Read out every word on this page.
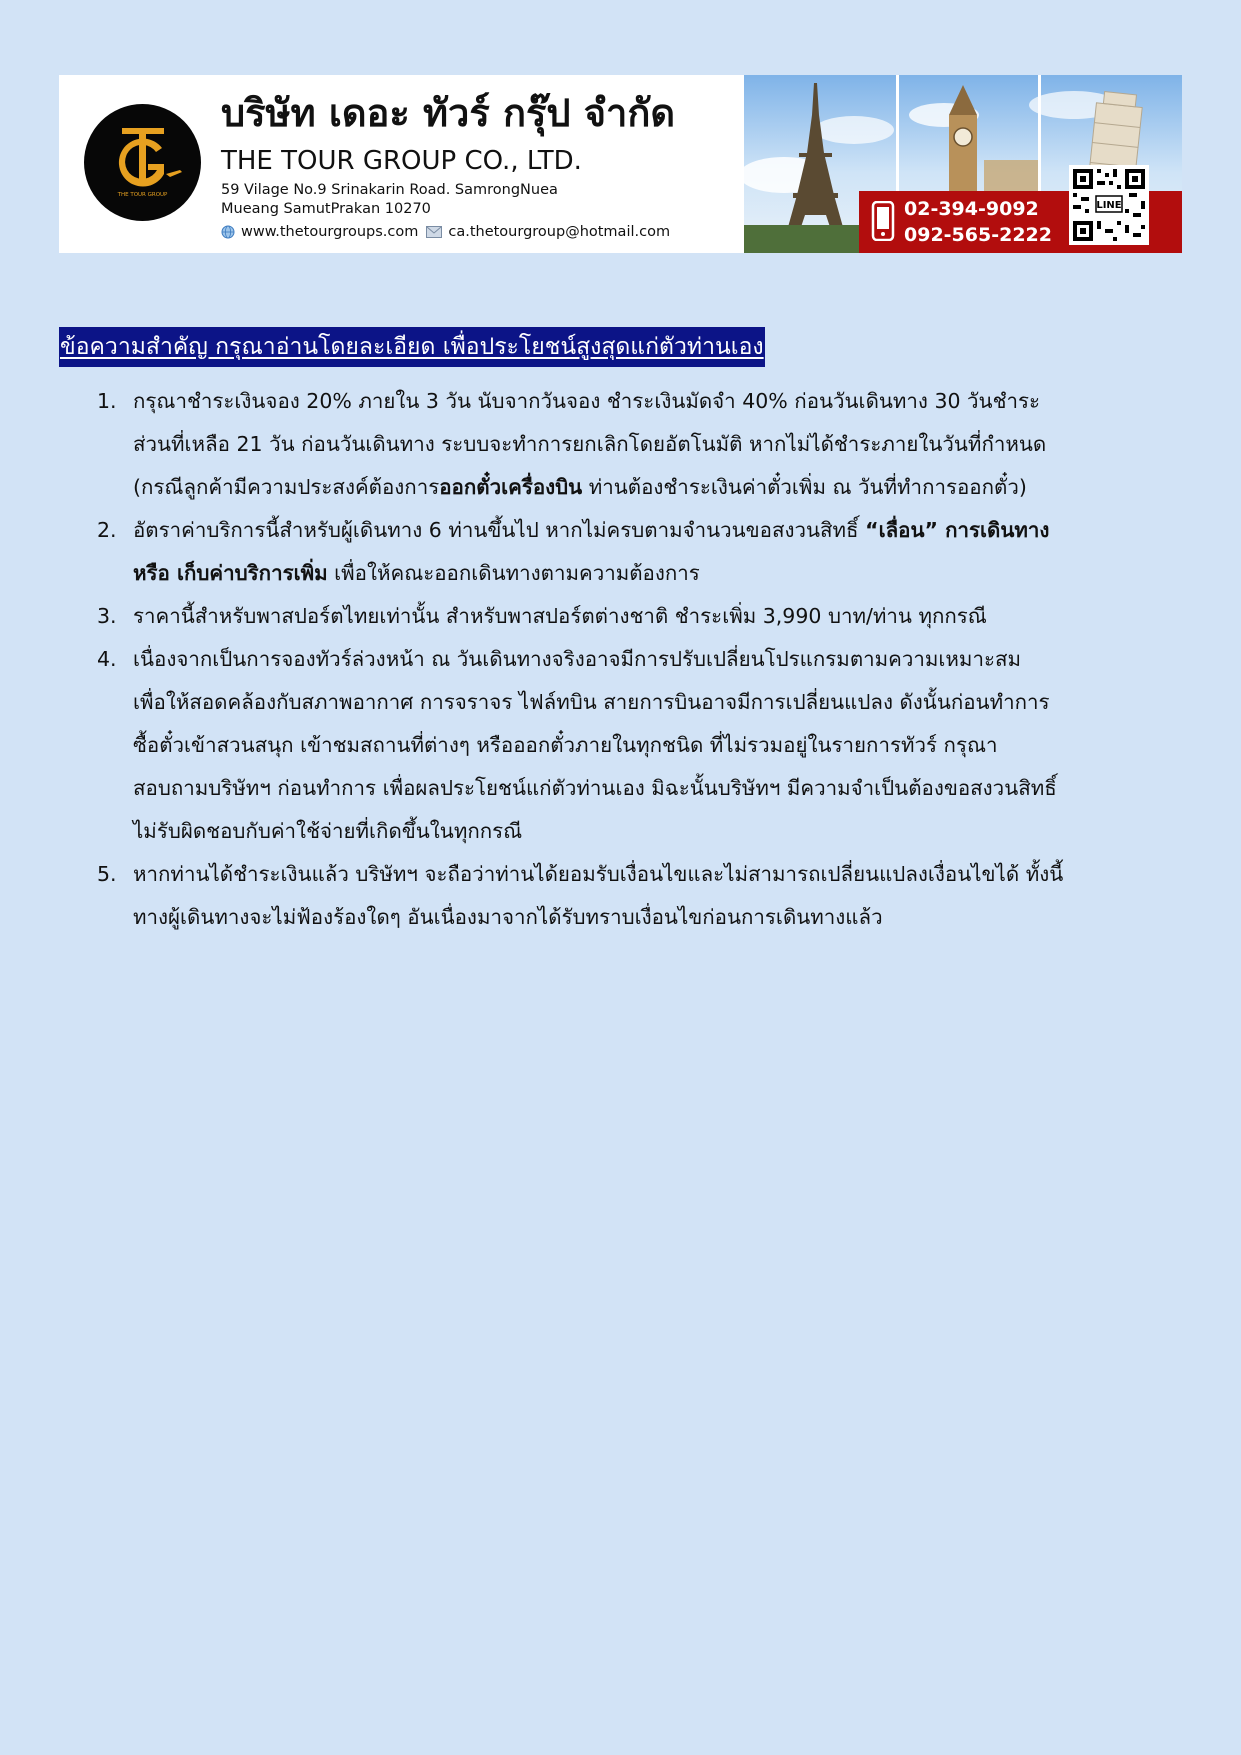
THE TOUR GROUP
บริษัท เดอะ ทัวร์ กรุ๊ป จำกัด
THE TOUR GROUP CO., LTD.
59 Vilage No.9 Srinakarin Road. SamrongNuea
Mueang SamutPrakan 10270
www.thetourgroups.com ca.thetourgroup@hotmail.com
02-394-9092
092-565-2222
LINE
ข้อความสำคัญ กรุณาอ่านโดยละเอียด เพื่อประโยชน์สูงสุดแก่ตัวท่านเอง
1. กรุณาชำระเงินจอง 20% ภายใน 3 วัน นับจากวันจอง ชำระเงินมัดจำ 40% ก่อนวันเดินทาง 30 วันชำระ
ส่วนที่เหลือ 21 วัน ก่อนวันเดินทาง ระบบจะทำการยกเลิกโดยอัตโนมัติ หากไม่ได้ชำระภายในวันที่กำหนด
(กรณีลูกค้ามีความประสงค์ต้องการออกตั๋วเครื่องบิน ท่านต้องชำระเงินค่าตั๋วเพิ่ม ณ วันที่ทำการออกตั๋ว)
2. อัตราค่าบริการนี้สำหรับผู้เดินทาง 6 ท่านขึ้นไป หากไม่ครบตามจำนวนขอสงวนสิทธิ์ “เลื่อน” การเดินทาง
หรือ เก็บค่าบริการเพิ่ม เพื่อให้คณะออกเดินทางตามความต้องการ
3. ราคานี้สำหรับพาสปอร์ตไทยเท่านั้น สำหรับพาสปอร์ตต่างชาติ ชำระเพิ่ม 3,990 บาท/ท่าน ทุกกรณี
4. เนื่องจากเป็นการจองทัวร์ล่วงหน้า ณ วันเดินทางจริงอาจมีการปรับเปลี่ยนโปรแกรมตามความเหมาะสม
เพื่อให้สอดคล้องกับสภาพอากาศ การจราจร ไฟล์ทบิน สายการบินอาจมีการเปลี่ยนแปลง ดังนั้นก่อนทำการ
ซื้อตั๋วเข้าสวนสนุก เข้าชมสถานที่ต่างๆ หรือออกตั๋วภายในทุกชนิด ที่ไม่รวมอยู่ในรายการทัวร์ กรุณา
สอบถามบริษัทฯ ก่อนทำการ เพื่อผลประโยชน์แก่ตัวท่านเอง มิฉะนั้นบริษัทฯ มีความจำเป็นต้องขอสงวนสิทธิ์
ไม่รับผิดชอบกับค่าใช้จ่ายที่เกิดขึ้นในทุกกรณี
5. หากท่านได้ชำระเงินแล้ว บริษัทฯ จะถือว่าท่านได้ยอมรับเงื่อนไขและไม่สามารถเปลี่ยนแปลงเงื่อนไขได้ ทั้งนี้
ทางผู้เดินทางจะไม่ฟ้องร้องใดๆ อันเนื่องมาจากได้รับทราบเงื่อนไขก่อนการเดินทางแล้ว
